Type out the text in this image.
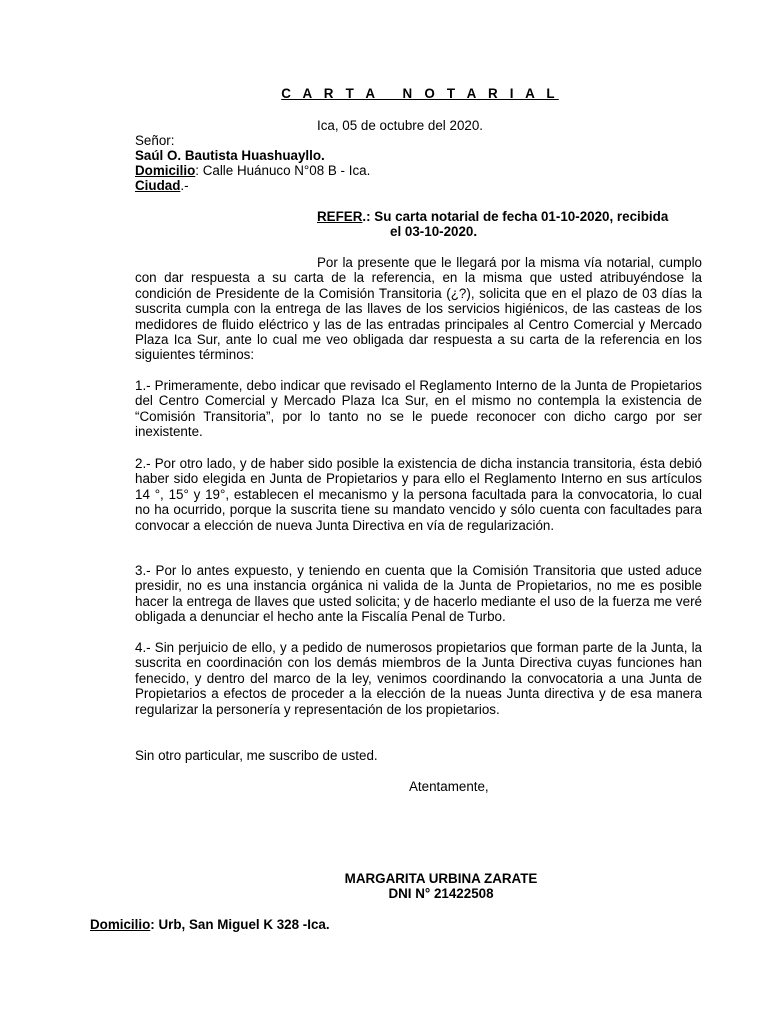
C A R T A   N O T A R I A L
Ica, 05 de octubre del 2020.
Señor:
Saúl O. Bautista Huashuayllo.
Domicilio: Calle Huánuco N°08 B - Ica.
Ciudad.-
REFER.: Su carta notarial de fecha 01-10-2020, recibida
el 03-10-2020.
Por la presente que le llegará por la misma vía notarial, cumplo con dar respuesta a su carta de la referencia, en la misma que usted atribuyéndose la condición de Presidente de la Comisión Transitoria (¿?), solicita que en el plazo de 03 días la suscrita cumpla con la entrega de las llaves de los servicios higiénicos, de las casteas de los medidores de fluido eléctrico y las de las entradas principales al Centro Comercial y Mercado Plaza Ica Sur, ante lo cual me veo obligada dar respuesta a su carta de la referencia en los siguientes términos:
1.- Primeramente, debo indicar que revisado el Reglamento Interno de la Junta de Propietarios del Centro Comercial y Mercado Plaza Ica Sur, en el mismo no contempla la existencia de “Comisión Transitoria”, por lo tanto no se le puede reconocer con dicho cargo por ser inexistente.
2.- Por otro lado, y de haber sido posible la existencia de dicha instancia transitoria, ésta debió haber sido elegida en Junta de Propietarios y para ello el Reglamento Interno en sus artículos 14 °, 15° y 19°, establecen el mecanismo y la persona facultada para la convocatoria, lo cual no ha ocurrido, porque la suscrita tiene su mandato vencido y sólo cuenta con facultades para convocar a elección de nueva Junta Directiva en vía de regularización.
3.- Por lo antes expuesto, y teniendo en cuenta que la Comisión Transitoria que usted aduce presidir, no es una instancia orgánica ni valida de la Junta de Propietarios, no me es posible hacer la entrega de llaves que usted solicita; y de hacerlo mediante el uso de la fuerza me veré obligada a denunciar el hecho ante la Fiscalía Penal de Turbo.
4.- Sin perjuicio de ello, y a pedido de numerosos propietarios que forman parte de la Junta, la suscrita en coordinación con los demás miembros de la Junta Directiva cuyas funciones han fenecido, y dentro del marco de la ley, venimos coordinando la convocatoria a una Junta de Propietarios a efectos de proceder a la elección de la nueas Junta directiva y de esa manera regularizar la personería y representación de los propietarios.
Sin otro particular, me suscribo de usted.
Atentamente,
MARGARITA URBINA ZARATE
DNI N° 21422508
Domicilio: Urb, San Miguel K 328 -Ica.
